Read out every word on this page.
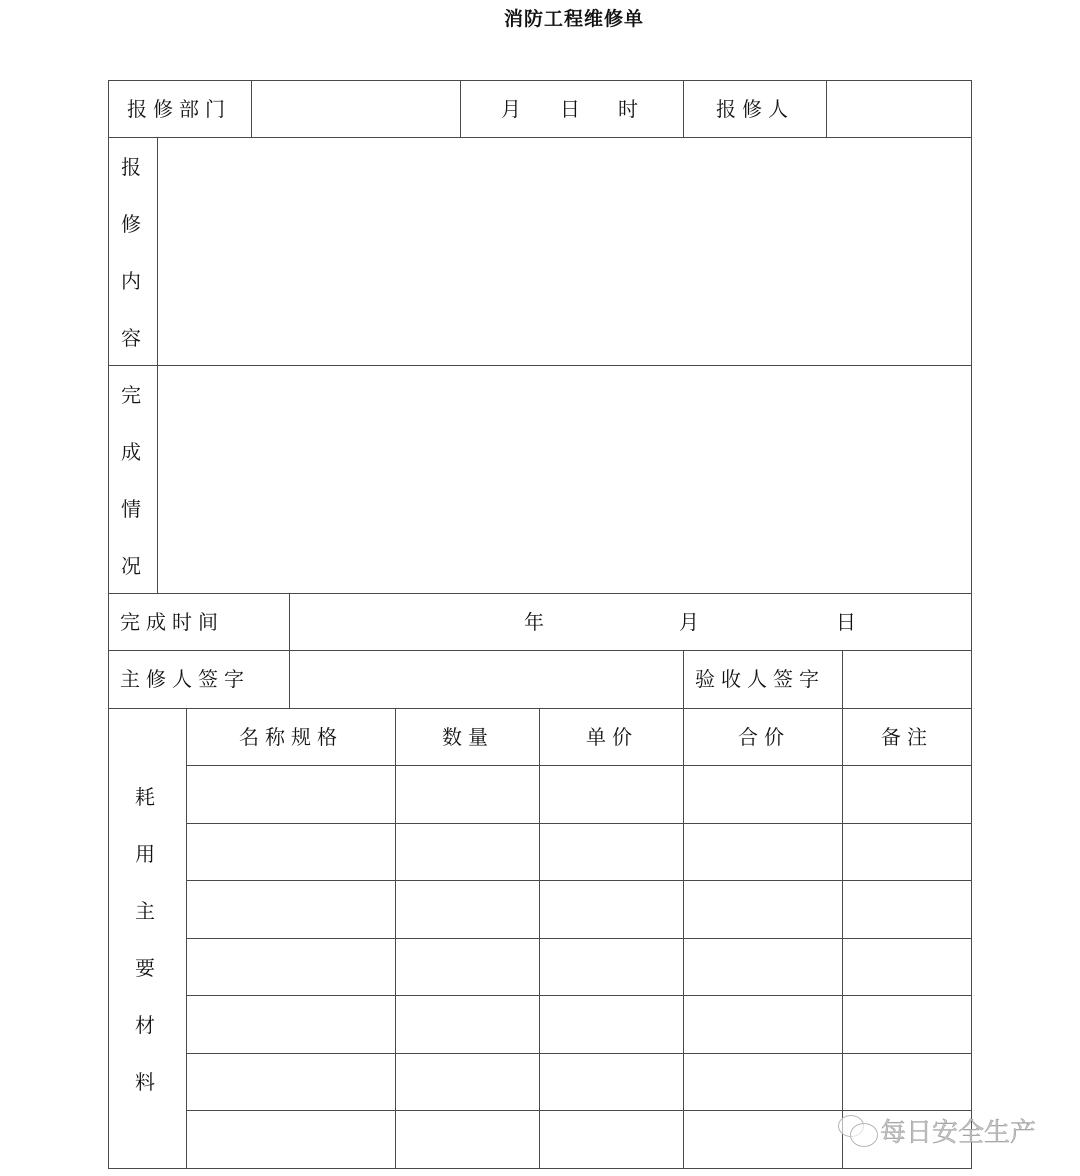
消防工程维修单
报修部门	月 日 时	报修人
报
修
内
容
完
成
情
况
完成时间	年	月	日
主修人签字	验收人签字
耗
用
主
要
材
料
名称规格	数量	单价	合价	备注
每日安全生产
